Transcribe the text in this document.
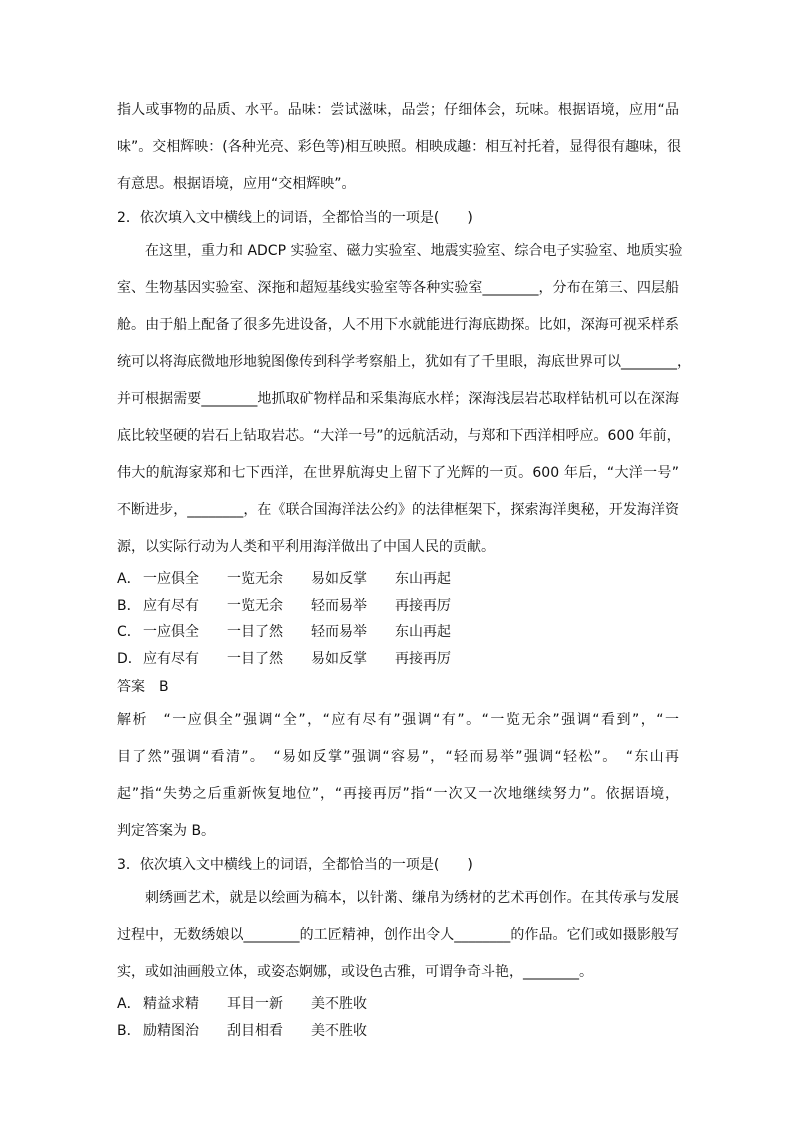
指人或事物的品质、水平。品味：尝试滋味，品尝；仔细体会，玩味。根据语境，应用“品
味”。交相辉映：(各种光亮、彩色等)相互映照。相映成趣：相互衬托着，显得很有趣味，很
有意思。根据语境，应用“交相辉映”。
2．依次填入文中横线上的词语，全都恰当的一项是(　　)
在这里，重力和 ADCP 实验室、磁力实验室、地震实验室、综合电子实验室、地质实验
室、生物基因实验室、深拖和超短基线实验室等各种实验室________，分布在第三、四层船
舱。由于船上配备了很多先进设备，人不用下水就能进行海底勘探。比如，深海可视采样系
统可以将海底微地形地貌图像传到科学考察船上，犹如有了千里眼，海底世界可以________，
并可根据需要________地抓取矿物样品和采集海底水样；深海浅层岩芯取样钻机可以在深海
底比较坚硬的岩石上钻取岩芯。“大洋一号”的远航活动，与郑和下西洋相呼应。600 年前，
伟大的航海家郑和七下西洋，在世界航海史上留下了光辉的一页。600 年后，“大洋一号”
不断进步，________，在《联合国海洋法公约》的法律框架下，探索海洋奥秘，开发海洋资
源，以实际行动为人类和平利用海洋做出了中国人民的贡献。
A． 一应俱全 一览无余 易如反掌 东山再起
B． 应有尽有 一览无余 轻而易举 再接再厉
C． 一应俱全 一目了然 轻而易举 东山再起
D．应有尽有 一目了然 易如反掌 再接再厉
答案　B
解析　“一应俱全”强调“全”，“应有尽有”强调“有”。“一览无余”强调“看到”，“一
目了然”强调“看清”。　“易如反掌”强调“容易”，“轻而易举”强调“轻松”。　“东山再
起”指“失势之后重新恢复地位”，“再接再厉”指“一次又一次地继续努力”。依据语境，
判定答案为 B。
3．依次填入文中横线上的词语，全都恰当的一项是(　　)
刺绣画艺术，就是以绘画为稿本，以针黹、缣帛为绣材的艺术再创作。在其传承与发展
过程中，无数绣娘以________的工匠精神，创作出令人________的作品。它们或如摄影般写
实，或如油画般立体，或姿态婀娜，或设色古雅，可谓争奇斗艳，________。
A． 精益求精 耳目一新 美不胜收
B． 励精图治 刮目相看 美不胜收
